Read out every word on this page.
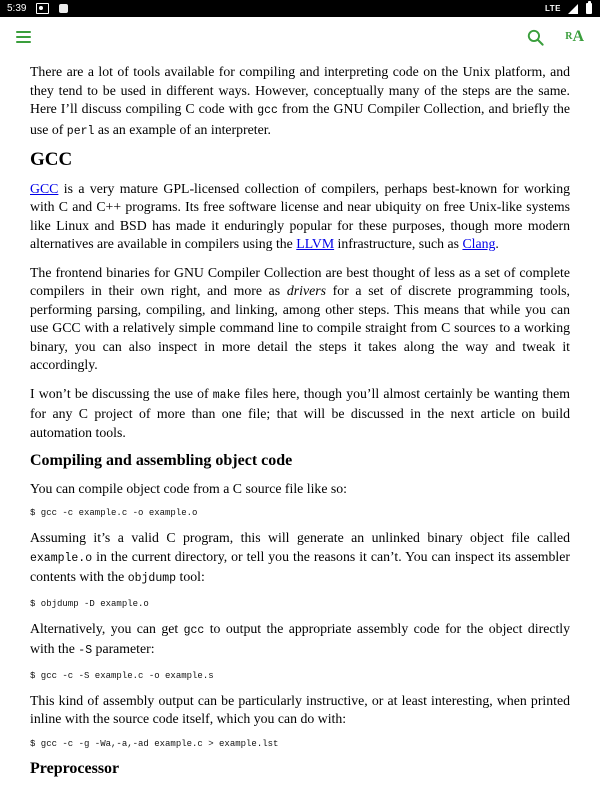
5:39	LTE
R A

There are a lot of tools available for compiling and interpreting code on the Unix platform, and they tend to be used in different ways. However, conceptually many of the steps are the same. Here I’ll discuss compiling C code with gcc from the GNU Compiler Collection, and briefly the use of perl as an example of an interpreter.

GCC

GCC is a very mature GPL-licensed collection of compilers, perhaps best-known for working with C and C++ programs. Its free software license and near ubiquity on free Unix-like systems like Linux and BSD has made it enduringly popular for these purposes, though more modern alternatives are available in compilers using the LLVM infrastructure, such as Clang.

The frontend binaries for GNU Compiler Collection are best thought of less as a set of complete compilers in their own right, and more as drivers for a set of discrete programming tools, performing parsing, compiling, and linking, among other steps. This means that while you can use GCC with a relatively simple command line to compile straight from C sources to a working binary, you can also inspect in more detail the steps it takes along the way and tweak it accordingly.

I won’t be discussing the use of make files here, though you’ll almost certainly be wanting them for any C project of more than one file; that will be discussed in the next article on build automation tools.

Compiling and assembling object code

You can compile object code from a C source file like so:

$ gcc -c example.c -o example.o

Assuming it’s a valid C program, this will generate an unlinked binary object file called example.o in the current directory, or tell you the reasons it can’t. You can inspect its assembler contents with the objdump tool:

$ objdump -D example.o

Alternatively, you can get gcc to output the appropriate assembly code for the object directly with the -S parameter:

$ gcc -c -S example.c -o example.s

This kind of assembly output can be particularly instructive, or at least interesting, when printed inline with the source code itself, which you can do with:

$ gcc -c -g -Wa,-a,-ad example.c > example.lst
Preprocessor
